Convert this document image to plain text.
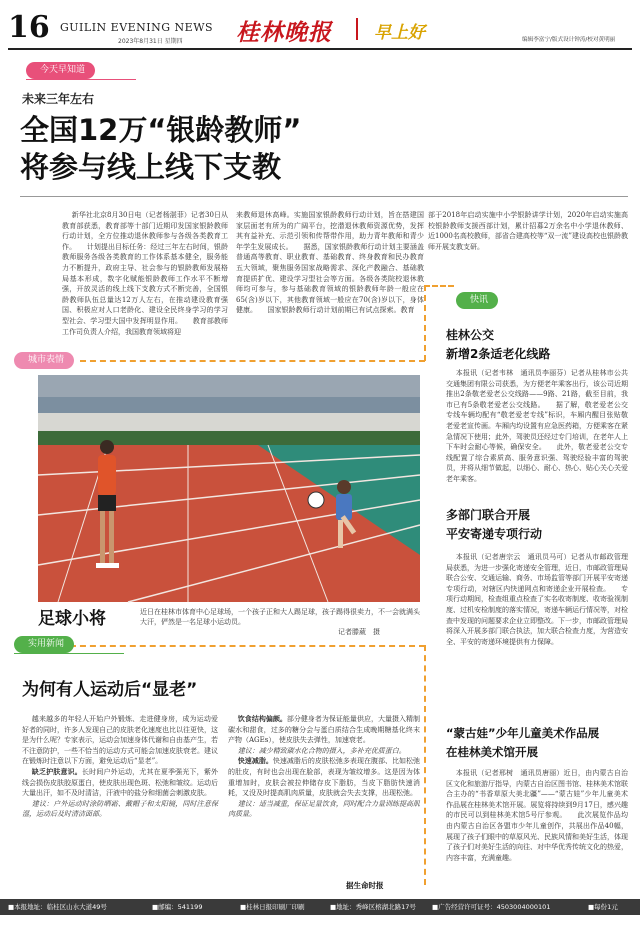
16 GUILIN EVENING NEWS
2023年8月31日 星期四 桂林晚报 早上好	编辑李富宁/版式设计钟涛/校对黄明丽
今天早知道
未来三年左右
全国12万“银龄教师”
将参与线上线下支教

新华社北京8月30日电（记者杨湛菲）记者30日从教育部获悉，教育部等十部门近期印发国家银龄教师行动计划，全方位推动退休教师参与各级各类教育工作。　　计划提出目标任务：经过三年左右时间，银龄教师服务各级各类教育的工作体系基本健全，服务能力不断提升，政府主导、社会参与的银龄教师发展格局基本形成，数字化赋能银龄教师工作水平不断增强，开放灵活的线上线下支教方式不断完善，全国银龄教师队伍总量达12万人左右，在推动建设教育强国、积极应对人口老龄化、建设全民终身学习的学习型社会、学习型大国中发挥明显作用。　　教育部教师工作司负责人介绍，我国教育领域将迎

来教师退休高峰。实施国家银龄教师行动计划，旨在搭建国家层面老有所为的广阔平台，挖潜退休教师资源优势，发挥其有益补充、示范引领和传帮带作用，助力青年教师和青少年学生发展成长。　　据悉，国家银龄教师行动计划主要涵盖普通高等教育、职业教育、基础教育、终身教育和民办教育五大领域，聚焦服务国家战略需求、深化产教融合、基础教育提质扩优、建设学习型社会等方面。各级各类院校退休教师均可参与，参与基础教育领域的银龄教师年龄一般应在65(含)岁以下，其他教育领域一般应在70(含)岁以下，身体健康。　　国家银龄教师行动计划前期已有试点探索。教育

部于2018年启动实施中小学银龄讲学计划，2020年启动实施高校银龄教师支援西部计划，累计招募2万余名中小学退休教师、近1000名高校教师，部省合建高校等“双一流”建设高校也银龄教师开展支教支研。

城市表情
足球小将	近日在桂林市体育中心足球场，一个孩子正和大人踢足球，孩子踢得很卖力，不一会就满头大汗，俨然是一名足球小运动员。
记者滕葳　摄
实用新闻
为何有人运动后“显老”

越来越多的年轻人开始户外锻炼、走进健身房，成为运动爱好者的同时，许多人发现自己的皮肤老化速度也比以往更快，这是为什么呢？专家表示，运动会加速身体代谢和自由基产生，若不注意防护，一些不恰当的运动方式可能会加速皮肤衰老。建议在锻炼时注意以下方面，避免运动后“显老”。

缺乏护肤意识。长时间户外运动，尤其在夏季强光下，紫外线会损伤皮肤胶原蛋白，使皮肤出现色斑、松弛和皱纹。运动后大量出汗，如不及时清洁，汗液中的盐分和细菌会刺激皮肤。

建议：户外运动时涂防晒霜、戴帽子和太阳镜，同时注意保湿，运动后及时清洁面部。

饮食结构偏颇。部分健身者为保证能量供应，大量摄入精制碳水和甜食，过多的糖分会与蛋白质结合生成晚期糖基化终末产物（AGEs），使皮肤失去弹性，加速衰老。

建议：减少精致碳水化合物的摄入，多补充优质蛋白。

快速减脂。快速减脂后的皮肤松弛多表现在腹部、比如松弛的肚皮，有时也会出现在脸部，表现为皱纹增多。这是因为体重增加时，皮肤会被拉伸储存皮下脂肪，当皮下脂肪快速消耗，又没及时提高肌肉质量，皮肤就会失去支撑，出现松弛。

建议：适当减重，保证足量饮食，同时配合力量训练提高肌肉质量。

据生命时报
快讯
桂林公交
新增2条适老化线路

本报讯（记者韦林　通讯员李丽芬）记者从桂林市公共交通集团有限公司获悉，为方便老年乘客出行，该公司近期推出2条敬老爱老公交线路——9路、21路，截至目前，我市已有5条敬老爱老公交线路。　　据了解，敬老爱老公交专线车辆均配有“敬老爱老专线”标识，车厢内醒目张贴敬老爱老宣传画。车厢内均设置有应急医药箱，方便乘客在紧急情况下使用；此外，驾驶员还经过专门培训，在老年人上下车时会耐心等候，确保安全。　　此外，敬老爱老公交专线配置了综合素质高、服务意识强、驾驶经验丰富的驾驶员，并将从细节做起，以细心、耐心、热心、贴心关心关爱老年乘客。

多部门联合开展
平安寄递专项行动

本报讯（记者唐宗云　通讯员马可）记者从市邮政管理局获悉，为进一步强化寄递安全管理，近日，市邮政管理局联合公安、交通运输、商务、市场监管等部门开展平安寄递专项行动，对辖区内快递网点和寄递企业开展检查。　　专项行动期间，检查组重点检查了实名收寄制度、收寄验视制度、过机安检制度的落实情况，寄递车辆运行情况等，对检查中发现的问题要求企业立即整改。下一步，市邮政管理局将深入开展多部门联合执法，加大联合检查力度，为营造安全、平安的寄递环境提供有力保障。

“蒙古娃”少年儿童美术作品展
在桂林美术馆开展

本报讯（记者邢树　通讯员唐丽）近日，由内蒙古自治区文化和旅游厅指导，内蒙古自治区图书馆、桂林美术馆联合主办的“书香草原大美北疆”——“蒙古娃”少年儿童美术作品展在桂林美术馆开展。展览将持续到9月17日，感兴趣的市民可以到桂林美术馆5号厅参观。　　此次展览作品均由内蒙古自治区各盟市少年儿童创作，共展出作品40幅，展现了孩子们眼中的草原风光、民族风情和美好生活，体现了孩子们对美好生活的向往、对中华优秀传统文化的热爱，内容丰富，充满童趣。

■本报地址：临桂区山水大道49号	■邮编：541199	■桂林日报印刷厂印刷	■地址：秀峰区榕湖北路17号 ■广告经营许可证号：4503004000101	■每份1元
